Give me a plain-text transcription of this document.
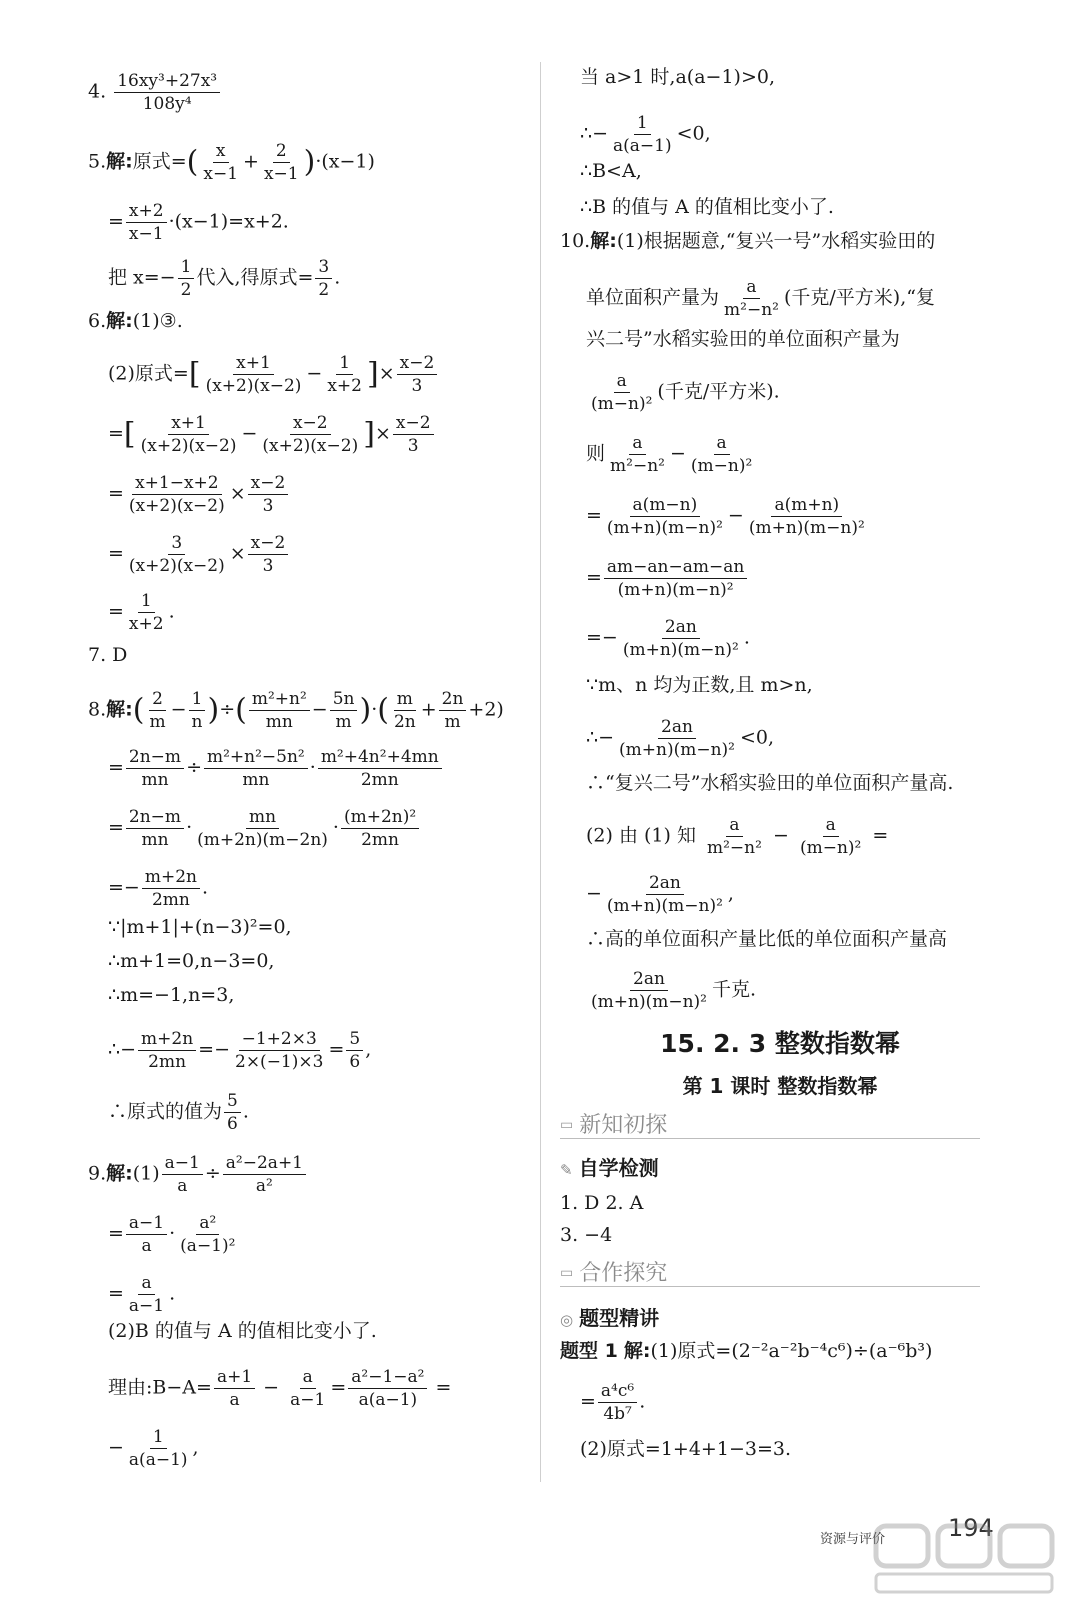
4. $\frac{\text{16xy³+27x³}}{\text{108y⁴}}$
5.解:原式=( $\frac{x}{x-1} + \frac{2}{x-1} )\cdot(x-1)$
= $\frac{x+2}{x-1} \cdot(x-1)=x+2$.
把 $x=- \frac{1}{2}$ 代入,得原式= $\frac{3}{2}$ .
6.解:(1)③.
(2)原式=[ $\frac{x+1}{(x+2)(x-2)} - \frac{1}{x+2}$ ]× $\frac{x-2}{3}$
=[ $\frac{x+1}{(x+2)(x-2)} - \frac{x-2}{(x+2)(x-2)}$ ]× $\frac{x-2}{3}$
= $\frac{x+1-x+2}{(x+2)(x-2)} \times \frac{x-2}{3}$
= $\frac{3}{(x+2)(x-2)} \times \frac{x-2}{3}$
= $\frac{1}{x+2}$ .
7. D
8.解:( $\frac{2}{m} - \frac{1}{n}$ )÷( $\frac{\text{m²+n²}}{mn} - \frac{5n}{m}$ )·( $\frac{m}{2n} + \frac{2n}{m} +2$)
= $\frac{2n-m}{mn} \div \frac{\text{m²+n²−5n²}}{mn} \cdot \frac{\text{m²+4n²+4mn}}{2mn}$
= $\frac{2n-m}{mn} \cdot \frac{mn}{(m+2n)(m-2n)} \cdot \frac{\text{(m+2n)²}}{2mn}$
=− $\frac{m+2n}{2mn}$ .
∵|m+1|+(n−3)²=0,
∴m+1=0,n−3=0,
∴m=−1,n=3,
∴− $\frac{m+2n}{2mn} =- \frac{-1+2\times 3}{2\times(-1)\times 3} = \frac{5}{6}$ ,
∴原式的值为 $\frac{5}{6}$ .
9.解:(1) $\frac{a-1}{a} \div \frac{\text{a²−2a+1}}{\text{a²}}$
= $\frac{a-1}{a} \cdot \frac{\text{a²}}{\text{(a−1)²}}$
= $\frac{a}{a-1}$ .
(2)B 的值与 A 的值相比变小了.
理由:B−A= $\frac{a+1}{a} - \frac{a}{a-1} = \frac{\text{a²−1−a²}}{a(a-1)}$ =
− $\frac{1}{a(a-1)}$ ,
当 a>1 时,a(a−1)>0,
∴− $\frac{1}{a(a-1)} <0$,
∴B<A,
∴B 的值与 A 的值相比变小了.
10.解:(1)根据题意,“复兴一号”水稻实验田的
单位面积产量为 $\frac{a}{\text{m²−n²}}$ (千克/平方米),“复
兴二号”水稻实验田的单位面积产量为
$\frac{a}{\text{(m−n)²}}$ (千克/平方米).
则 $\frac{a}{\text{m²−n²}} - \frac{a}{\text{(m−n)²}}$
= $\frac{a(m-n)}{\text{(m+n)(m−n)²}} - \frac{a(m+n)}{\text{(m+n)(m−n)²}}$
= $\frac{am-an-am-an}{\text{(m+n)(m−n)²}}$
=− $\frac{2an}{\text{(m+n)(m−n)²}}$ .
∵m、n 均为正数,且 m>n,
∴− $\frac{2an}{\text{(m+n)(m−n)²}} <0$,
∴“复兴二号”水稻实验田的单位面积产量高.
(2) 由 (1) 知 $\frac{a}{\text{m²−n²}} - \frac{a}{\text{(m−n)²}}$ =
− $\frac{2an}{\text{(m+n)(m−n)²}}$ ,
∴高的单位面积产量比低的单位面积产量高
$\frac{2an}{\text{(m+n)(m−n)²}}$ 千克.
15. 2. 3 整数指数幂
第 1 课时 整数指数幂
▭ 新知初探
✎ 自学检测
1. D 2. A
3. −4
▭ 合作探究
◎ 题型精讲
题型 1 解:(1)原式=(2⁻²a⁻²b⁻⁴c⁶)÷(a⁻⁶b³)
= $\frac{\text{a⁴c⁶}}{\text{4b⁷}}$ .
(2)原式=1+4+1−3=3.
资源与评价	194
